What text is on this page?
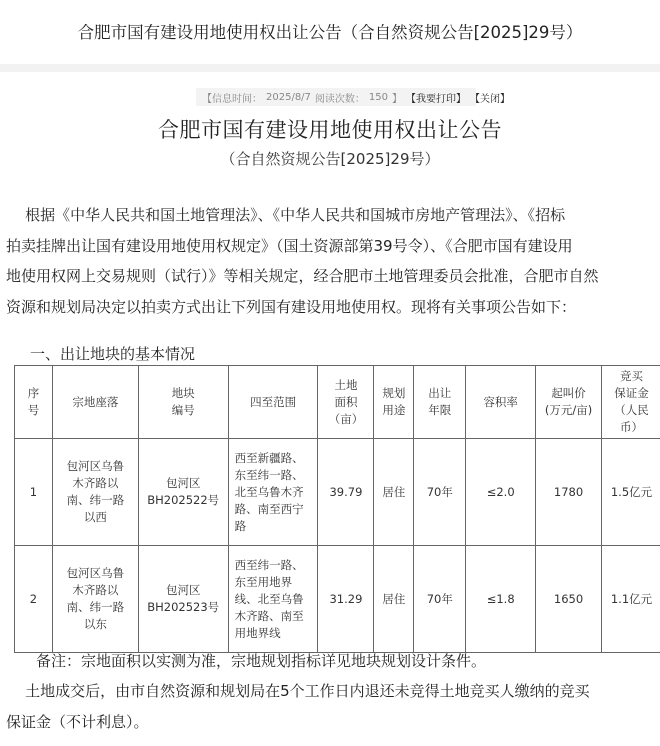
合肥市国有建设用地使用权出让公告（合自然资规公告[2025]29号）
【信息时间： 2025/8/7 阅读次数： 150 】 【我要打印】 【关闭】
合肥市国有建设用地使用权出让公告
（合自然资规公告[2025]29号）
根据《中华人民共和国土地管理法》、《中华人民共和国城市房地产管理法》、《招标
拍卖挂牌出让国有建设用地使用权规定》（国土资源部第39号令）、《合肥市国有建设用
地使用权网上交易规则（试行）》等相关规定，经合肥市土地管理委员会批准，合肥市自然
资源和规划局决定以拍卖方式出让下列国有建设用地使用权。现将有关事项公告如下：
一、出让地块的基本情况
序
号	宗地座落	地块
编号	四至范围	土地
面积
（亩）	规划
用途	出让
年限	容积率	起叫价
(万元/亩)	竞买
保证金
（人民
币）
1	包河区乌鲁
木齐路以
南、纬一路
以西	包河区
BH202522号	西至新疆路、
东至纬一路、
北至乌鲁木齐
路、南至西宁
路	39.79	居住	70年	≤2.0	1780	1.5亿元
2	包河区乌鲁
木齐路以
南、纬一路
以东	包河区
BH202523号	西至纬一路、
东至用地界
线、北至乌鲁
木齐路、南至
用地界线	31.29	居住	70年	≤1.8	1650	1.1亿元
备注：宗地面积以实测为准，宗地规划指标详见地块规划设计条件。
土地成交后，由市自然资源和规划局在5个工作日内退还未竞得土地竞买人缴纳的竞买
保证金（不计利息）。
